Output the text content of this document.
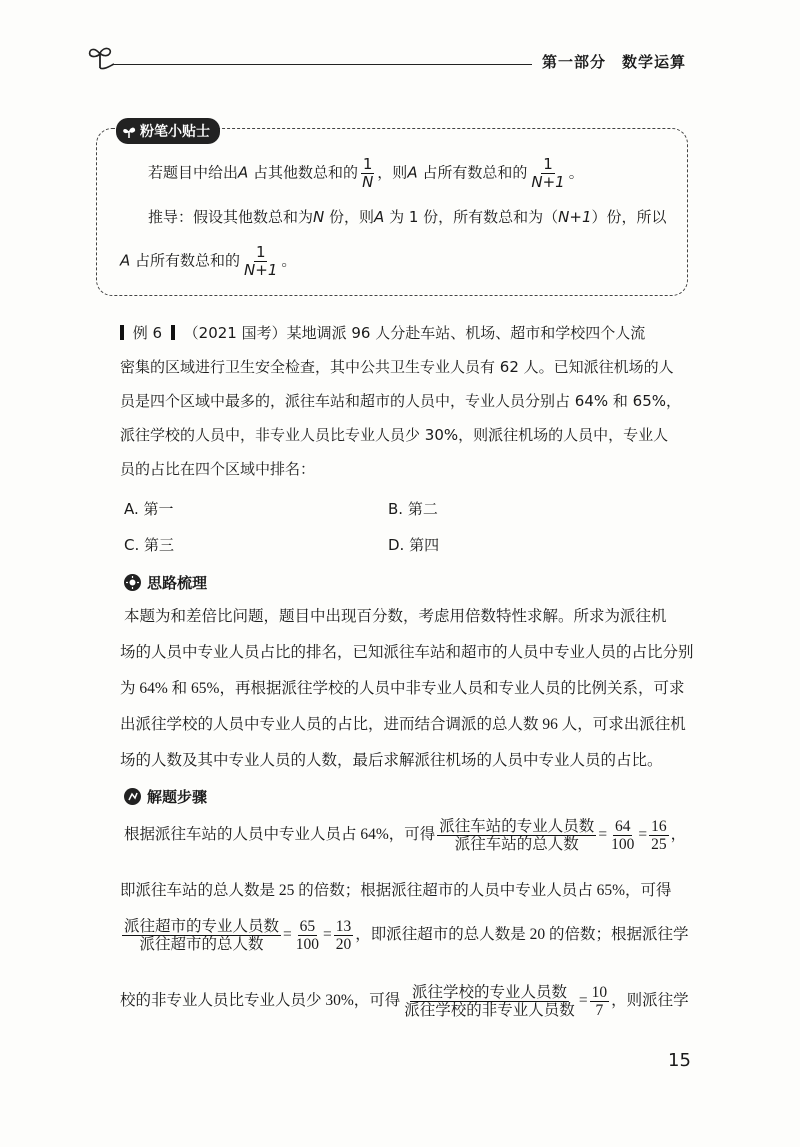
第一部分　数学运算
粉笔小贴士
若题目中给出A 占其他数总和的 $\frac{1}{N}$ ，则A 占所有数总和的 $\frac{1}{N+1}$ 。
推导：假设其他数总和为N 份，则A 为 1 份，所有数总和为（N+1）份，所以
A 占所有数总和的 $\frac{1}{N+1}$ 。
例 6 （2021 国考）某地调派 96 人分赴车站、机场、超市和学校四个人流
密集的区域进行卫生安全检查，其中公共卫生专业人员有 62 人。已知派往机场的人
员是四个区域中最多的，派往车站和超市的人员中，专业人员分别占 64% 和 65%，
派往学校的人员中，非专业人员比专业人员少 30%，则派往机场的人员中，专业人
员的占比在四个区域中排名：
A. 第一	B. 第二
C. 第三	D. 第四
思路梳理
本题为和差倍比问题，题目中出现百分数，考虑用倍数特性求解。所求为派往机
场的人员中专业人员占比的排名，已知派往车站和超市的人员中专业人员的占比分别
为 64% 和 65%，再根据派往学校的人员中非专业人员和专业人员的比例关系，可求
出派往学校的人员中专业人员的占比，进而结合调派的总人数 96 人，可求出派往机
场的人数及其中专业人员的人数，最后求解派往机场的人员中专业人员的占比。
解题步骤
根据派往车站的人员中专业人员占 64%，可得 $\frac{\text{派往车站的专业人员数}}{\text{派往车站的总人数}} = \frac{64}{100} = \frac{16}{25}$ ，
即派往车站的总人数是 25 的倍数；根据派往超市的人员中专业人员占 65%，可得
$\frac{\text{派往超市的专业人员数}}{\text{派往超市的总人数}} = \frac{65}{100} = \frac{13}{20}$ ，即派往超市的总人数是 20 的倍数；根据派往学
校的非专业人员比专业人员少 30%，可得 $\frac{\text{派往学校的专业人员数}}{\text{派往学校的非专业人员数}} = \frac{10}{7}$ ，则派往学
15
